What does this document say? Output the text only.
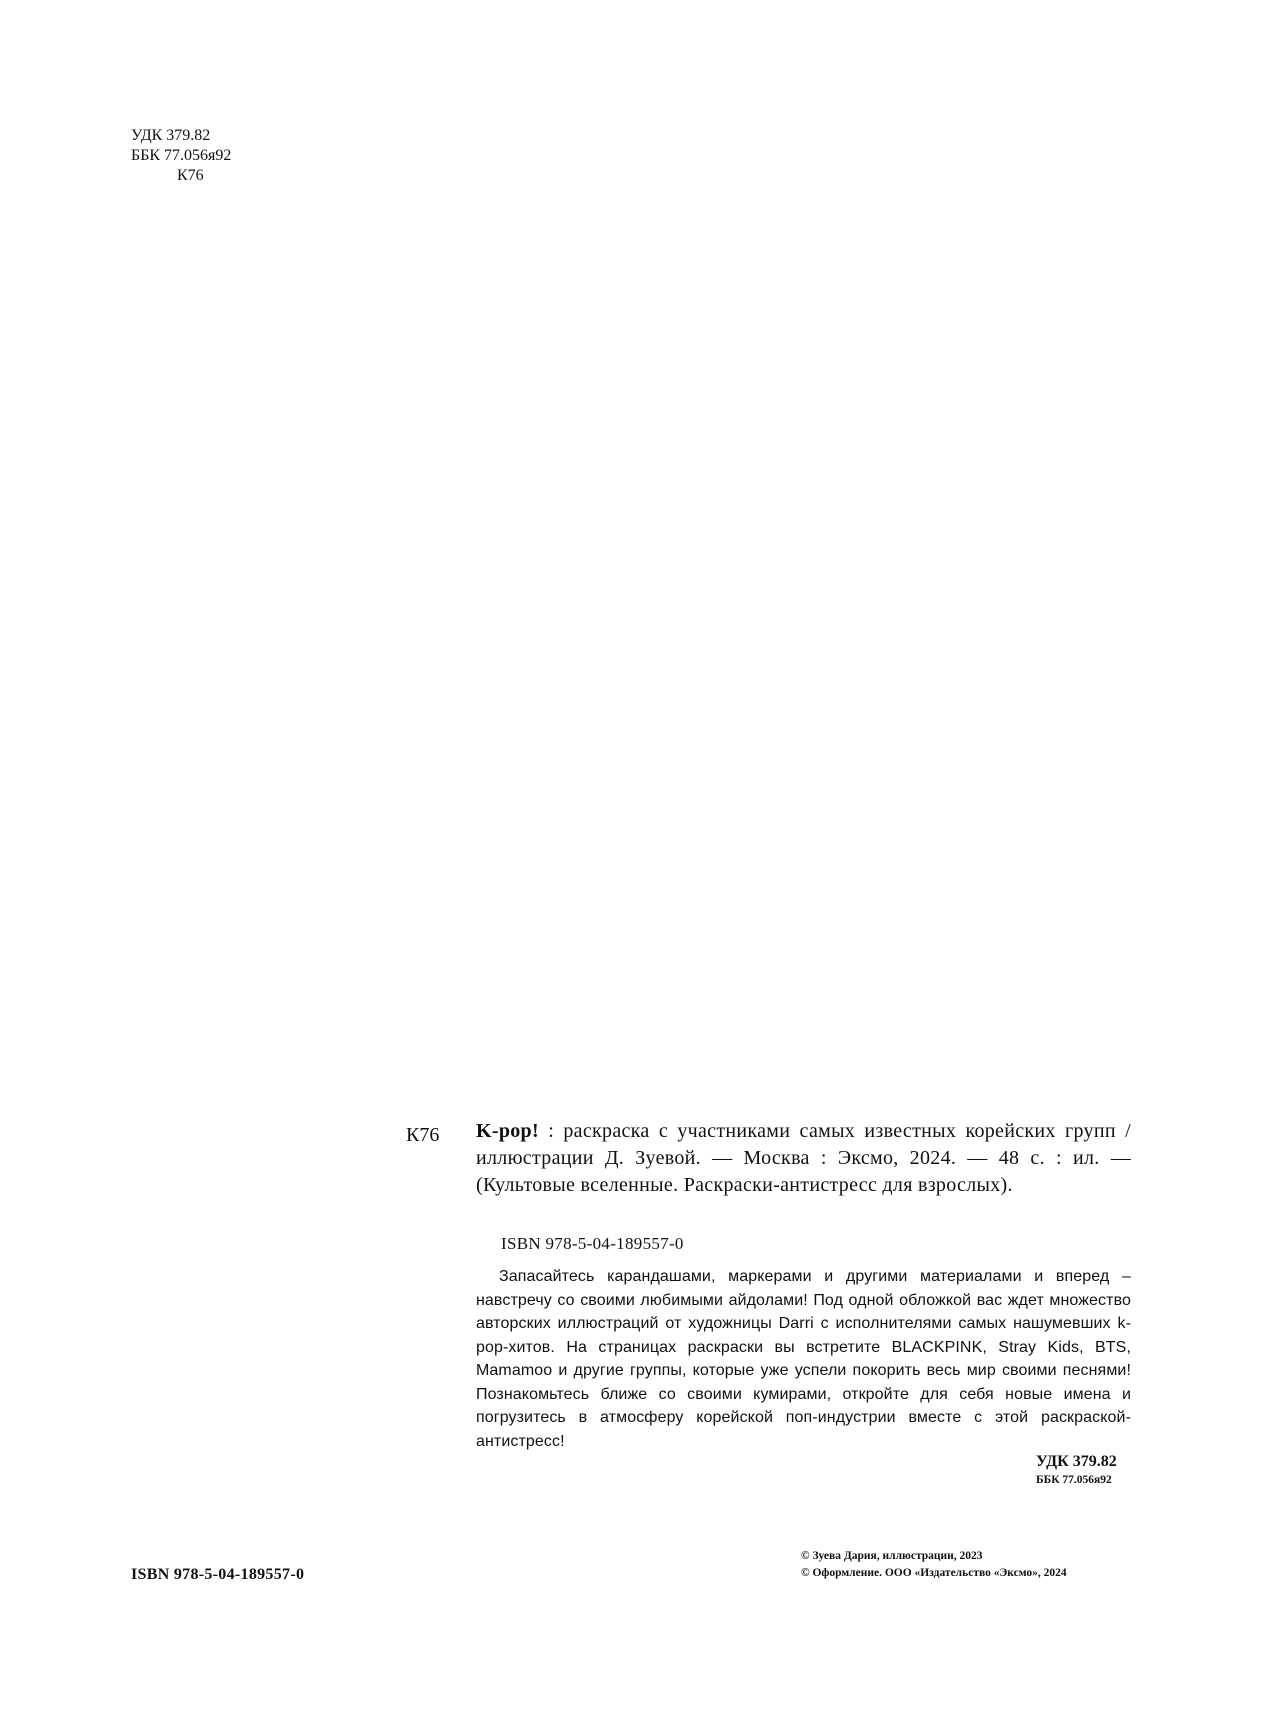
УДК 379.82
ББК 77.056я92
К76
К76 K-pop! : раскраска с участниками самых известных корейских групп / иллюстрации Д. Зуевой. — Москва : Эксмо, 2024. — 48 с. : ил. — (Культовые вселенные. Раскраски-антистресс для взрослых).
ISBN 978-5-04-189557-0
Запасайтесь карандашами, маркерами и другими материалами и вперед – навстречу со своими любимыми айдолами! Под одной обложкой вас ждет множество авторских иллюстраций от художницы Darri с исполнителями самых нашумевших k-pop-хитов. На страницах раскраски вы встретите BLACKPINK, Stray Kids, BTS, Mamamoo и другие группы, которые уже успели покорить весь мир своими песнями! Познакомьтесь ближе со своими кумирами, откройте для себя новые имена и погрузитесь в атмосферу корейской поп-индустрии вместе с этой раскраской-антистресс!
УДК 379.82
ББК 77.056я92
ISBN 978-5-04-189557-0
© Зуева Дария, иллюстрации, 2023
© Оформление. ООО «Издательство «Эксмо», 2024
